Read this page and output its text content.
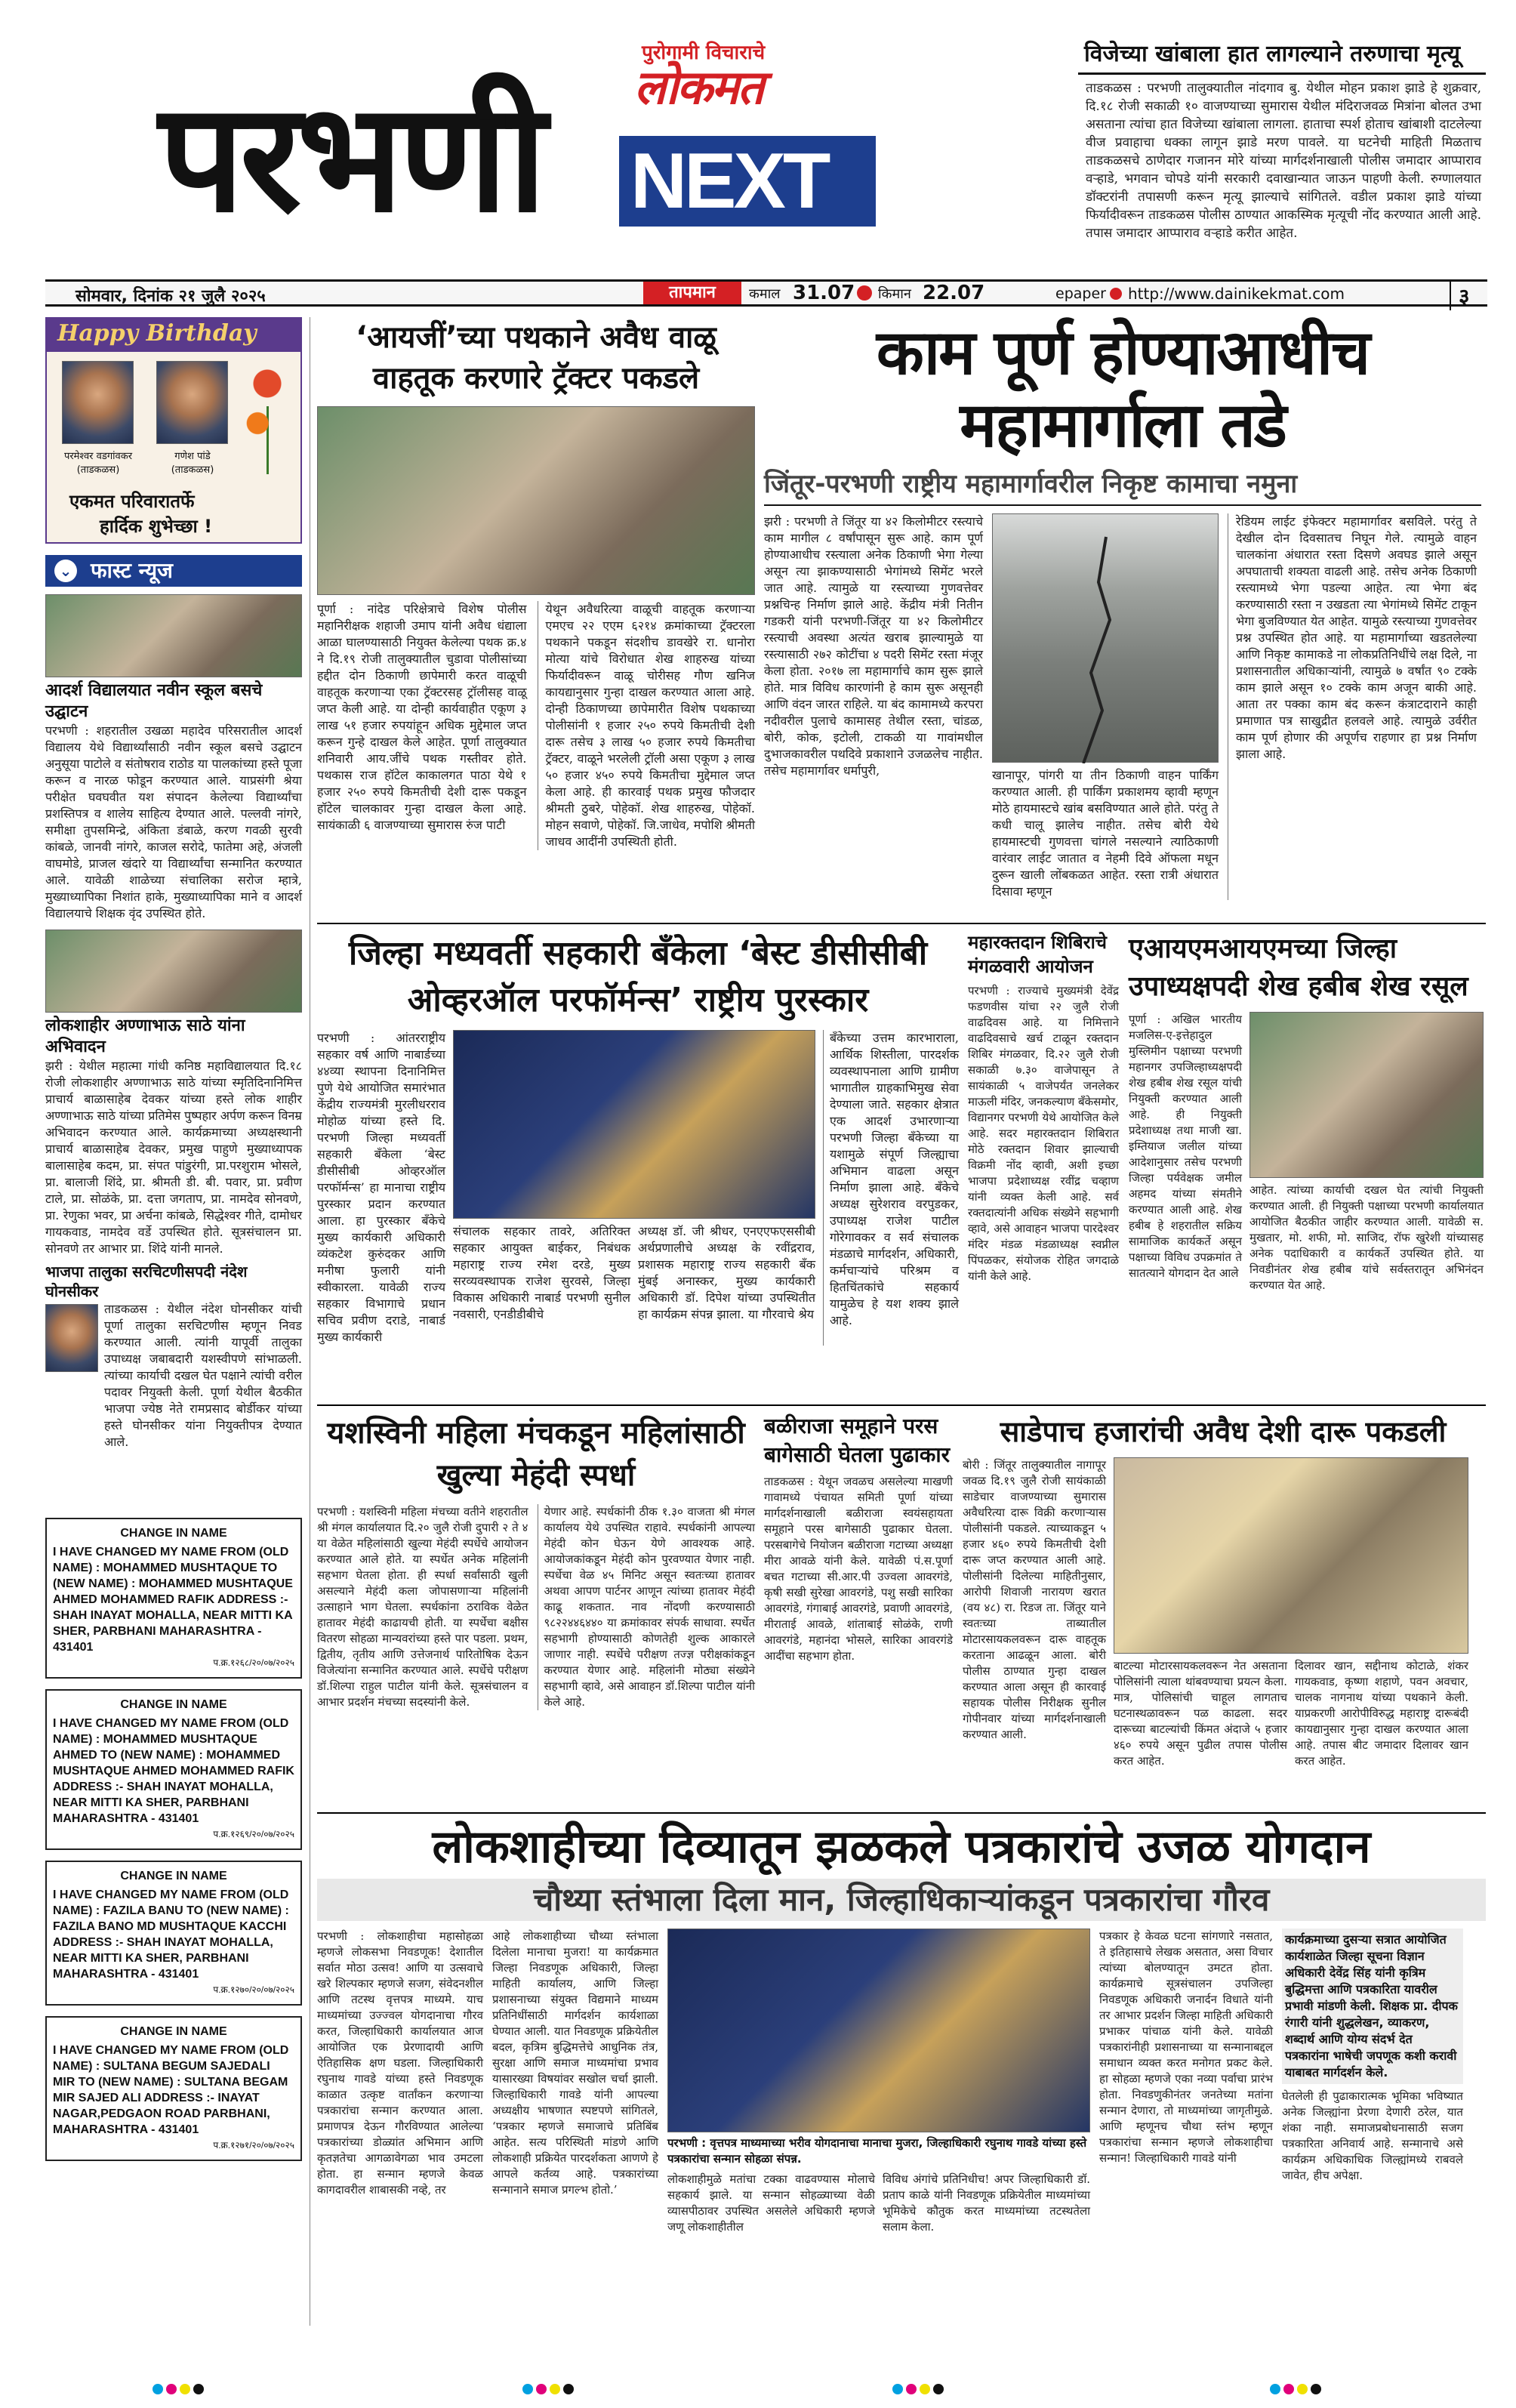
पुरोगामी विचाराचे
लोकमत
परभणी NEXT
विजेच्या खांबाला हात लागल्याने तरुणाचा मृत्यू
ताडकळस : परभणी तालुक्यातील नांदगाव बु. येथील मोहन प्रकाश झाडे हे शुक्रवार, दि.१८ रोजी सकाळी १० वाजण्याच्या सुमारास येथील मंदिराजवळ मित्रांना बोलत उभा असताना त्यांचा हात विजेच्या खांबाला लागला. हाताचा स्पर्श होताच खांबाशी दाटलेल्या वीज प्रवाहाचा धक्का लागून झाडे मरण पावले. या घटनेची माहिती मिळताच ताडकळसचे ठाणेदार गजानन मोरे यांच्या मार्गदर्शनाखाली पोलीस जमादार आप्पाराव वऱ्हाडे, भगवान चोपडे यांनी सरकारी दवाखान्यात जाऊन पाहणी केली. रुग्णालयात डॉक्टरांनी तपासणी करून मृत्यू झाल्याचे सांगितले. वडील प्रकाश झाडे यांच्या फिर्यादीवरून ताडकळस पोलीस ठाण्यात आकस्मिक मृत्यूची नोंद करण्यात आली आहे. तपास जमादार आप्पाराव वऱ्हाडे करीत आहेत.
सोमवार, दिनांक २१ जुलै २०२५	तापमान	कमाल 31.07 किमान 22.07	epaper http://www.dainikekmat.com	३
Happy Birthday
परमेश्वर वडगांवकर
(ताडकळस)
गणेश पांडे
(ताडकळस)
एकमत परिवारातर्फे
हार्दिक शुभेच्छा !
⌄ फास्ट न्यूज
आदर्श विद्यालयात नवीन स्कूल बसचे उद्घाटन
परभणी : शहरातील उखळा महादेव परिसरातील आदर्श विद्यालय येथे विद्यार्थ्यांसाठी नवीन स्कूल बसचे उद्घाटन अनुसूया पाटोले व संतोषराव राठोड या पालकांच्या हस्ते पूजा करून व नारळ फोडून करण्यात आले. याप्रसंगी श्रेया परीक्षेत घवघवीत यश संपादन केलेल्या विद्यार्थ्यांचा प्रशस्तिपत्र व शालेय साहित्य देण्यात आले. पल्लवी नांगरे, समीक्षा तुपसमिन्द्रे, अंकिता डंबाळे, करण गवळी सुरवी कांबळे, जानवी नांगरे, काजल सरोदे, फातेमा अहे, अंजली वाघमोडे, प्राजल खंदारे या विद्यार्थ्यांचा सन्मानित करण्यात आले. यावेळी शाळेच्या संचालिका सरोज म्हात्रे, मुख्याध्यापिका निशांत हाके, मुख्याध्यापिका माने व आदर्श विद्यालयाचे शिक्षक वृंद उपस्थित होते.
लोकशाहीर अण्णाभाऊ साठे यांना अभिवादन
झरी : येथील महात्मा गांधी कनिष्ठ महाविद्यालयात दि.१८ रोजी लोकशाहीर अण्णाभाऊ साठे यांच्या स्मृतिदिनानिमित्त प्राचार्य बाळासाहेब देवकर यांच्या हस्ते लोक शाहीर अण्णाभाऊ साठे यांच्या प्रतिमेस पुष्पहार अर्पण करून विनम्र अभिवादन करण्यात आले. कार्यक्रमाच्या अध्यक्षस्थानी प्राचार्य बाळासाहेब देवकर, प्रमुख पाहुणे मुख्याध्यापक बालासाहेब कदम, प्रा. संपत पांडुरंगी, प्रा.परशुराम भोसले, प्रा. बालाजी शिंदे, प्रा. श्रीमती डी. बी. पवार, प्रा. प्रवीण टाले, प्रा. सोळंके, प्रा. दत्ता जगताप, प्रा. नामदेव सोनवणे, प्रा. रेणुका भवर, प्रा अर्चना कांबळे, सिद्धेश्वर गीते, दामोधर गायकवाड, नामदेव वर्डे उपस्थित होते. सूत्रसंचालन प्रा. सोनवणे तर आभार प्रा. शिंदे यांनी मानले.
भाजपा तालुका सरचिटणीसपदी नंदेश घोनसीकर
ताडकळस : येथील नंदेश घोनसीकर यांची पूर्णा तालुका सरचिटणीस म्हणून निवड करण्यात आली. त्यांनी यापूर्वी तालुका उपाध्यक्ष जबाबदारी यशस्वीपणे सांभाळली. त्यांच्या कार्याची दखल घेत पक्षाने त्यांची वरील पदावर नियुक्ती केली. पूर्णा येथील बैठकीत भाजपा ज्येष्ठ नेते रामप्रसाद बोर्डीकर यांच्या हस्ते घोनसीकर यांना नियुक्तीपत्र देण्यात आले.
CHANGE IN NAME
I HAVE CHANGED MY NAME FROM (OLD NAME) : MOHAMMED MUSHTAQUE TO (NEW NAME) : MOHAMMED MUSHTAQUE AHMED MOHAMMED RAFIK ADDRESS :- SHAH INAYAT MOHALLA, NEAR MITTI KA SHER, PARBHANI MAHARASHTRA - 431401
प.क्र.१२६८/२०/०७/२०२५
CHANGE IN NAME
I HAVE CHANGED MY NAME FROM (OLD NAME) : MOHAMMED MUSHTAQUE AHMED TO (NEW NAME) : MOHAMMED MUSHTAQUE AHMED MOHAMMED RAFIK ADDRESS :- SHAH INAYAT MOHALLA, NEAR MITTI KA SHER, PARBHANI MAHARASHTRA - 431401
प.क्र.१२६९/२०/०७/२०२५
CHANGE IN NAME
I HAVE CHANGED MY NAME FROM (OLD NAME) : FAZILA BANU TO (NEW NAME) : FAZILA BANO MD MUSHTAQUE KACCHI ADDRESS :- SHAH INAYAT MOHALLA, NEAR MITTI KA SHER, PARBHANI MAHARASHTRA - 431401
प.क्र.१२७०/२०/०७/२०२५
CHANGE IN NAME
I HAVE CHANGED MY NAME FROM (OLD NAME) : SULTANA BEGUM SAJEDALI MIR TO (NEW NAME) : SULTANA BEGAM MIR SAJED ALI ADDRESS :- INAYAT NAGAR,PEDGAON ROAD PARBHANI, MAHARASHTRA - 431401
प.क्र.१२७१/२०/०७/२०२५
‘आयजीं’च्या पथकाने अवैध वाळू वाहतूक करणारे ट्रॅक्टर पकडले
पूर्णा : नांदेड परिक्षेत्राचे विशेष पोलीस महानिरीक्षक शहाजी उमाप यांनी अवैध धंद्याला आळा घालण्यासाठी नियुक्त केलेल्या पथक क्र.४ ने दि.१९ रोजी तालुक्यातील चुडावा पोलीसांच्या हद्दीत दोन ठिकाणी छापेमारी करत वाळूची वाहतूक करणाऱ्या एका ट्रॅक्टरसह ट्रॉलीसह वाळू जप्त केली आहे. या दोन्ही कार्यवाहीत एकूण ३ लाख ५१ हजार रुपयांहून अधिक मुद्देमाल जप्त करून गुन्हे दाखल केले आहेत. पूर्णा तालुक्यात शनिवारी आय.जींचे पथक गस्तीवर होते. पथकास राज हॉटेल काकालगत पाठा येथे १ हजार २५० रुपये किमतीची देशी दारू पकडून हॉटेल चालकावर गुन्हा दाखल केला आहे. सायंकाळी ६ वाजण्याच्या सुमारास रुंज पाटी
येथून अवैधरित्या वाळूची वाहतूक करणाऱ्या एमएच २२ एएम ६२१४ क्रमांकाच्या ट्रॅक्टरला पथकाने पकडून संदशीच डावखेरे रा. धानोरा मोत्या यांचे विरोधात शेख शाहरुख यांच्या फिर्यादीवरून वाळू चोरीसह गौण खनिज कायद्यानुसार गुन्हा दाखल करण्यात आला आहे. दोन्ही ठिकाणच्या छापेमारीत विशेष पथकाच्या पोलीसांनी १ हजार २५० रुपये किमतीची देशी दारू तसेच ३ लाख ५० हजार रुपये किमतीचा ट्रॅक्टर, वाळूने भरलेली ट्रॉली असा एकूण ३ लाख ५० हजार ४५० रुपये किमतीचा मुद्देमाल जप्त केला आहे. ही कारवाई पथक प्रमुख फौजदार श्रीमती ठुबरे, पोहेकॉ. शेख शाहरुख, पोहेकॉ. मोहन सवाणे, पोहेकॉ. जि.जाधेव, मपोशि श्रीमती जाधव आदींनी उपस्थिती होती.
काम पूर्ण होण्याआधीच महामार्गाला तडे
जिंतूर-परभणी राष्ट्रीय महामार्गावरील निकृष्ट कामाचा नमुना
झरी : परभणी ते जिंतूर या ४२ किलोमीटर रस्त्याचे काम मागील ८ वर्षांपासून सुरू आहे. काम पूर्ण होण्याआधीच रस्त्याला अनेक ठिकाणी भेगा गेल्या असून त्या झाकण्यासाठी भेगांमध्ये सिमेंट भरले जात आहे. त्यामुळे या रस्त्याच्या गुणवत्तेवर प्रश्नचिन्ह निर्माण झाले आहे. केंद्रीय मंत्री नितीन गडकरी यांनी परभणी-जिंतूर या ४२ किलोमीटर रस्त्याची अवस्था अत्यंत खराब झाल्यामुळे या रस्त्यासाठी २७२ कोटींचा ४ पदरी सिमेंट रस्ता मंजूर केला होता. २०१७ ला महामार्गाचे काम सुरू झाले होते. मात्र विविध कारणांनी हे काम सुरू असूनही आणि वंदन जारत राहिले. या बंद कामामध्ये करपरा नदीवरील पुलाचे कामासह तेथील रस्ता, चांडळ, बोरी, कोक, इटोली, टाकळी या गावांमधील दुभाजकावरील पथदिवे प्रकाशाने उजळलेच नाहीत. तसेच महामार्गावर धर्मापुरी,	खानापूर, पांगरी या तीन ठिकाणी वाहन पार्किंग करण्यात आली. ही पार्किंग प्रकाशमय व्हावी म्हणून मोठे हायमास्टचे खांब बसविण्यात आले होते. परंतु ते कधी चालू झालेच नाहीत. तसेच बोरी येथे हायमास्टची गुणवत्ता चांगले नसल्याने त्याठिकाणी वारंवार लाईट जातात व नेहमी दिवे ऑफला मधून दुरून खाली लोंबकळत आहेत. रस्ता रात्री अंधारात दिसावा म्हणून
रेडियम लाईट इंफेक्टर महामार्गावर बसविले. परंतु ते देखील दोन दिवसातच निघून गेले. त्यामुळे वाहन चालकांना अंधारात रस्ता दिसणे अवघड झाले असून अपघाताची शक्यता वाढली आहे. तसेच अनेक ठिकाणी रस्त्यामध्ये भेगा पडल्या आहेत. त्या भेगा बंद करण्यासाठी रस्ता न उखडता त्या भेगांमध्ये सिमेंट टाकून भेगा बुजविण्यात येत आहेत. यामुळे रस्त्याच्या गुणवत्तेवर प्रश्न उपस्थित होत आहे. या महामार्गाच्या खडतलेल्या आणि निकृष्ट कामाकडे ना लोकप्रतिनिधींचे लक्ष दिले, ना प्रशासनातील अधिकाऱ्यांनी, त्यामुळे ७ वर्षांत ९० टक्के काम झाले असून १० टक्के काम अजून बाकी आहे. आता तर पक्का काम बंद करून कंत्राटदाराने काही प्रमाणात पत्र साखुद्रीत हलवले आहे. त्यामुळे उर्वरीत काम पूर्ण होणार की अपूर्णच राहणार हा प्रश्न निर्माण झाला आहे.
जिल्हा मध्यवर्ती सहकारी बँकेला ‘बेस्ट डीसीसीबी ओव्हरऑल परफॉर्मन्स’ राष्ट्रीय पुरस्कार
परभणी : आंतरराष्ट्रीय सहकार वर्ष आणि नाबार्डच्या ४४व्या स्थापना दिनानिमित्त पुणे येथे आयोजित समारंभात केंद्रीय राज्यमंत्री मुरलीधरराव मोहोळ यांच्या हस्ते दि. परभणी जिल्हा मध्यवर्ती सहकारी बँकेला ‘बेस्ट डीसीसीबी ओव्हरऑल परफॉर्मन्स’ हा मानाचा राष्ट्रीय पुरस्कार प्रदान करण्यात आला. हा पुरस्कार बँकेचे मुख्य कार्यकारी अधिकारी व्यंकटेश कुरुंदकर आणि मनीषा फुलारी यांनी स्वीकारला. यावेळी राज्य सहकार विभागाचे प्रधान सचिव प्रवीण दराडे, नाबार्ड मुख्य कार्यकारी
संचालक सहकार तावरे, अतिरिक्त सहकार आयुक्त बाईकर, निबंधक महाराष्ट्र राज्य रमेश दरडे, मुख्य सरव्यवस्थापक राजेश सुरवसे, जिल्हा विकास अधिकारी नाबार्ड परभणी सुनील नवसारी, एनडीडीबीचे
अध्यक्ष डॉ. जी श्रीधर, एनएएफएससीबी अर्थप्रणालीचे अध्यक्ष के रवींद्रराव, प्रशासक महाराष्ट्र राज्य सहकारी बँक मुंबई अनास्कर, मुख्य कार्यकारी अधिकारी डॉ. दिपेश यांच्या उपस्थितीत हा कार्यक्रम संपन्न झाला. या गौरवाचे श्रेय
बँकेच्या उत्तम कारभाराला, आर्थिक शिस्तीला, पारदर्शक व्यवस्थापनाला आणि ग्रामीण भागातील ग्राहकाभिमुख सेवा देण्याला जाते. सहकार क्षेत्रात एक आदर्श उभारणाऱ्या परभणी जिल्हा बँकेच्या या यशामुळे संपूर्ण जिल्ह्याचा अभिमान वाढला असून निर्माण झाला आहे. बँकेचे अध्यक्ष सुरेशराव वरपुडकर, उपाध्यक्ष राजेश पाटील गोरेगावकर व सर्व संचालक मंडळाचे मार्गदर्शन, अधिकारी, कर्मचाऱ्यांचे परिश्रम व हितचिंतकांचे सहकार्य यामुळेच हे यश शक्य झाले आहे.
महारक्तदान शिबिराचे मंगळवारी आयोजन
परभणी : राज्याचे मुख्यमंत्री देवेंद्र फडणवीस यांचा २२ जुलै रोजी वाढदिवस आहे. या निमित्ताने वाढदिवसाचे खर्च टाळून रक्तदान शिबिर मंगळवार, दि.२२ जुलै रोजी सकाळी ७.३० वाजेपासून ते सायंकाळी ५ वाजेपर्यंत जनलेकर माऊली मंदिर, जनकल्याण बँकेसमोर, विद्यानगर परभणी येथे आयोजित केले आहे. सदर महारक्तदान शिबिरात मोठे रक्तदान शिवार झाल्याची विक्रमी नोंद व्हावी, अशी इच्छा भाजपा प्रदेशाध्यक्ष रवींद्र चव्हाण यांनी व्यक्त केली आहे. सर्व रक्तदात्यांनी अधिक संख्येने सहभागी व्हावे, असे आवाहन भाजपा पारदेश्वर मंदिर मंडळ मंडळाध्यक्ष स्वप्नील पिंपळकर, संयोजक रोहित जगदाळे यांनी केले आहे.
एआयएमआयएमच्या जिल्हा उपाध्यक्षपदी शेख हबीब शेख रसूल
पूर्णा : अखिल भारतीय मजलिस-ए-इत्तेहादुल मुस्लिमीन पक्षाच्या परभणी महानगर उपजिल्हाध्यक्षपदी शेख हबीब शेख रसूल यांची नियुक्ती करण्यात आली आहे. ही नियुक्ती प्रदेशाध्यक्ष तथा माजी खा. इम्तियाज जलील यांच्या आदेशानुसार तसेच परभणी जिल्हा पर्यवेक्षक जमील अहमद यांच्या संमतीने करण्यात आली आहे. शेख हबीब हे शहरातील सक्रिय सामाजिक कार्यकर्ते असून पक्षाच्या विविध उपक्रमांत ते सातत्याने योगदान देत आले
आहेत. त्यांच्या कार्याची दखल घेत त्यांची नियुक्ती करण्यात आली. ही नियुक्ती पक्षाच्या परभणी कार्यालयात आयोजित बैठकीत जाहीर करण्यात आली. यावेळी स. मुखतार, मो. शफी, मो. साजिद, रॉफ खुरेशी यांच्यासह अनेक पदाधिकारी व कार्यकर्ते उपस्थित होते. या निवडीनंतर शेख हबीब यांचे सर्वस्तरातून अभिनंदन करण्यात येत आहे.
यशस्विनी महिला मंचकडून महिलांसाठी खुल्या मेहंदी स्पर्धा
परभणी : यशस्विनी महिला मंचच्या वतीने शहरातील श्री मंगल कार्यालयात दि.२० जुलै रोजी दुपारी २ ते ४ या वेळेत महिलांसाठी खुल्या मेहंदी स्पर्धेचे आयोजन करण्यात आले होते. या स्पर्धेत अनेक महिलांनी सहभाग घेतला होता. ही स्पर्धा सर्वांसाठी खुली असल्याने मेहंदी कला जोपासणाऱ्या महिलांनी उत्साहाने भाग घेतला. स्पर्धकांना ठराविक वेळेत हातावर मेहंदी काढायची होती. या स्पर्धेचा बक्षीस वितरण सोहळा मान्यवरांच्या हस्ते पार पडला. प्रथम, द्वितीय, तृतीय आणि उत्तेजनार्थ पारितोषिक देऊन विजेत्यांना सन्मानित करण्यात आले. स्पर्धेचे परीक्षण डॉ.शिल्पा राहुल पाटील यांनी केले. सूत्रसंचालन व आभार प्रदर्शन मंचच्या सदस्यांनी केले.
येणार आहे. स्पर्धकांनी ठीक १.३० वाजता श्री मंगल कार्यालय येथे उपस्थित राहावे. स्पर्धकांनी आपल्या मेहंदी कोन घेऊन येणे आवश्यक आहे. आयोजकांकडून मेहंदी कोन पुरवण्यात येणार नाही. स्पर्धेचा वेळ ४५ मिनिट असून स्वतःच्या हातावर अथवा आपण पार्टनर आणून त्यांच्या हातावर मेहंदी काढू शकतात. नाव नोंदणी करण्यासाठी ९८२२४४६४४० या क्रमांकावर संपर्क साधावा. स्पर्धेत सहभागी होण्यासाठी कोणतेही शुल्क आकारले जाणार नाही. स्पर्धेचे परीक्षण तज्ज्ञ परीक्षकांकडून करण्यात येणार आहे. महिलांनी मोठ्या संख्येने सहभागी व्हावे, असे आवाहन डॉ.शिल्पा पाटील यांनी केले आहे.
बळीराजा समूहाने परस बागेसाठी घेतला पुढाकार
ताडकळस : येथून जवळच असलेल्या माखणी गावामध्ये पंचायत समिती पूर्णा यांच्या मार्गदर्शनाखाली बळीराजा स्वयंसहायता समूहाने परस बागेसाठी पुढाकार घेतला. परसबागेचे नियोजन बळीराजा गटाच्या अध्यक्षा मीरा आवळे यांनी केले. यावेळी पं.स.पूर्णा बचत गटाच्या सी.आर.पी उज्वला आवरगंडे, कृषी सखी सुरेखा आवरगंडे, पशु सखी सारिका आवरगंडे, गंगाबाई आवरगंडे, प्रवाणी आवरगंडे, मीराताई आवळे, शांताबाई सोळंके, राणी आवरगंडे, महानंदा भोसले, सारिका आवरगंडे आदींचा सहभाग होता.
साडेपाच हजारांची अवैध देशी दारू पकडली
बोरी : जिंतूर तालुक्यातील नागापूर जवळ दि.१९ जुलै रोजी सायंकाळी साडेचार वाजण्याच्या सुमारास अवैधरित्या दारू विक्री करणाऱ्यास पोलीसांनी पकडले. त्याच्याकडून ५ हजार ४६० रुपये किमतीची देशी दारू जप्त करण्यात आली आहे. पोलीसांनी दिलेल्या माहितीनुसार, आरोपी शिवाजी नारायण खरात (वय ४८) रा. रिडज ता. जिंतूर याने स्वतःच्या ताब्यातील मोटारसायकलवरून दारू वाहतूक करताना आढळून आला. बोरी पोलीस ठाण्यात गुन्हा दाखल करण्यात आला असून ही कारवाई सहायक पोलीस निरीक्षक सुनील गोपीनवार यांच्या मार्गदर्शनाखाली करण्यात आली.
बाटल्या मोटारसायकलवरून नेत असताना पोलिसांनी त्याला थांबवण्याचा प्रयत्न केला. मात्र, पोलिसांची चाहूल लागताच घटनास्थळावरून पळ काढला. सदर दारूच्या बाटल्यांची किंमत अंदाजे ५ हजार ४६० रुपये असून पुढील तपास पोलीस करत आहेत.
दिलावर खान, सद्दीनाथ कोटाळे, शंकर गायकवाड, कृष्णा शहाणे, पवन अवचार, चालक नागनाथ यांच्या पथकाने केली. याप्रकरणी आरोपीविरुद्ध महाराष्ट्र दारूबंदी कायद्यानुसार गुन्हा दाखल करण्यात आला आहे. तपास बीट जमादार दिलावर खान करत आहेत.
लोकशाहीच्या दिव्यातून झळकले पत्रकारांचे उजळ योगदान
चौथ्या स्तंभाला दिला मान, जिल्हाधिकाऱ्यांकडून पत्रकारांचा गौरव
परभणी : लोकशाहीचा महासोहळा म्हणजे लोकसभा निवडणूक! देशातील सर्वात मोठा उत्सव! आणि या उत्सवाचे खरे शिल्पकार म्हणजे सजग, संवेदनशील आणि तटस्थ वृत्तपत्र माध्यमे. याच माध्यमांच्या उज्ज्वल योगदानाचा गौरव करत, जिल्हाधिकारी कार्यालयात आज आयोजित एक प्रेरणादायी आणि ऐतिहासिक क्षण घडला. जिल्हाधिकारी रघुनाथ गावडे यांच्या हस्ते निवडणूक काळात उत्कृष्ट वार्तांकन करणाऱ्या पत्रकारांचा सन्मान करण्यात आला. प्रमाणपत्र देऊन गौरविण्यात आलेल्या पत्रकारांच्या डोळ्यांत अभिमान आणि कृतज्ञतेचा आगळावेगळा भाव उमटला होता. हा सन्मान म्हणजे केवळ कागदावरील शाबासकी नव्हे, तर
आहे लोकशाहीच्या चौथ्या स्तंभाला दिलेला मानाचा मुजरा! या कार्यक्रमात जिल्हा निवडणूक अधिकारी, जिल्हा माहिती कार्यालय, आणि जिल्हा प्रशासनाच्या संयुक्त विद्यमाने माध्यम प्रतिनिधींसाठी मार्गदर्शन कार्यशाळा घेण्यात आली. यात निवडणूक प्रक्रियेतील बदल, कृत्रिम बुद्धिमत्तेचे आधुनिक तंत्र, सुरक्षा आणि समाज माध्यमांचा प्रभाव यासारख्या विषयांवर सखोल चर्चा झाली. जिल्हाधिकारी गावडे यांनी आपल्या अध्यक्षीय भाषणात स्पष्टपणे सांगितले, ‘पत्रकार म्हणजे समाजाचे प्रतिबिंब आहेत. सत्य परिस्थिती मांडणे आणि लोकशाही प्रक्रियेत पारदर्शकता आणणे हे आपले कर्तव्य आहे. पत्रकारांच्या सन्मानाने समाज प्रगल्भ होतो.’
परभणी : वृत्तपत्र माध्यमाच्या भरीव योगदानाचा मानाचा मुजरा, जिल्हाधिकारी रघुनाथ गावडे यांच्या हस्ते पत्रकारांचा सन्मान सोहळा संपन्न.
लोकशाहीमुळे मतांचा टक्का वाढवण्यास मोलाचे सहकार्य झाले. या सन्मान सोहळ्याच्या वेळी व्यासपीठावर उपस्थित असलेले अधिकारी म्हणजे जणू लोकशाहीतील
विविध अंगांचे प्रतिनिधीच! अपर जिल्हाधिकारी डॉ. प्रताप काळे यांनी निवडणूक प्रक्रियेतील माध्यमांच्या भूमिकेचे कौतुक करत माध्यमांच्या तटस्थतेला सलाम केला.
पत्रकार हे केवळ घटना सांगणारे नसतात, ते इतिहासाचे लेखक असतात, असा विचार त्यांच्या बोलण्यातून उमटत होता. कार्यक्रमाचे सूत्रसंचालन उपजिल्हा निवडणूक अधिकारी जनार्दन विधाते यांनी तर आभार प्रदर्शन जिल्हा माहिती अधिकारी प्रभाकर पांचाळ यांनी केले. यावेळी पत्रकारांनीही प्रशासनाच्या या सन्मानाबद्दल समाधान व्यक्त करत मनोगत प्रकट केले. हा सोहळा म्हणजे एका नव्या पर्वाचा प्रारंभ होता. निवडणुकीनंतर जनतेच्या मतांना सन्मान देणारा, तो माध्यमांच्या जागृतीमुळे. आणि म्हणूनच चौथा स्तंभ म्हणून पत्रकारांचा सन्मान म्हणजे लोकशाहीचा सन्मान! जिल्हाधिकारी गावडे यांनी
कार्यक्रमाच्या दुसऱ्या सत्रात आयोजित कार्यशाळेत जिल्हा सूचना विज्ञान अधिकारी देवेंद्र सिंह यांनी कृत्रिम बुद्धिमत्ता आणि पत्रकारिता यावरील प्रभावी मांडणी केली. शिक्षक प्रा. दीपक रंगारी यांनी शुद्धलेखन, व्याकरण, शब्दार्थ आणि योग्य संदर्भ देत पत्रकारांना भाषेची जपणूक कशी करावी याबाबत मार्गदर्शन केले.
घेतलेली ही पुढाकारात्मक भूमिका भविष्यात अनेक जिल्ह्यांना प्रेरणा देणारी ठरेल, यात शंका नाही. समाजप्रबोधनासाठी सजग पत्रकारिता अनिवार्य आहे. सन्मानाचे असे कार्यक्रम अधिकाधिक जिल्ह्यांमध्ये राबवले जावेत, हीच अपेक्षा.
